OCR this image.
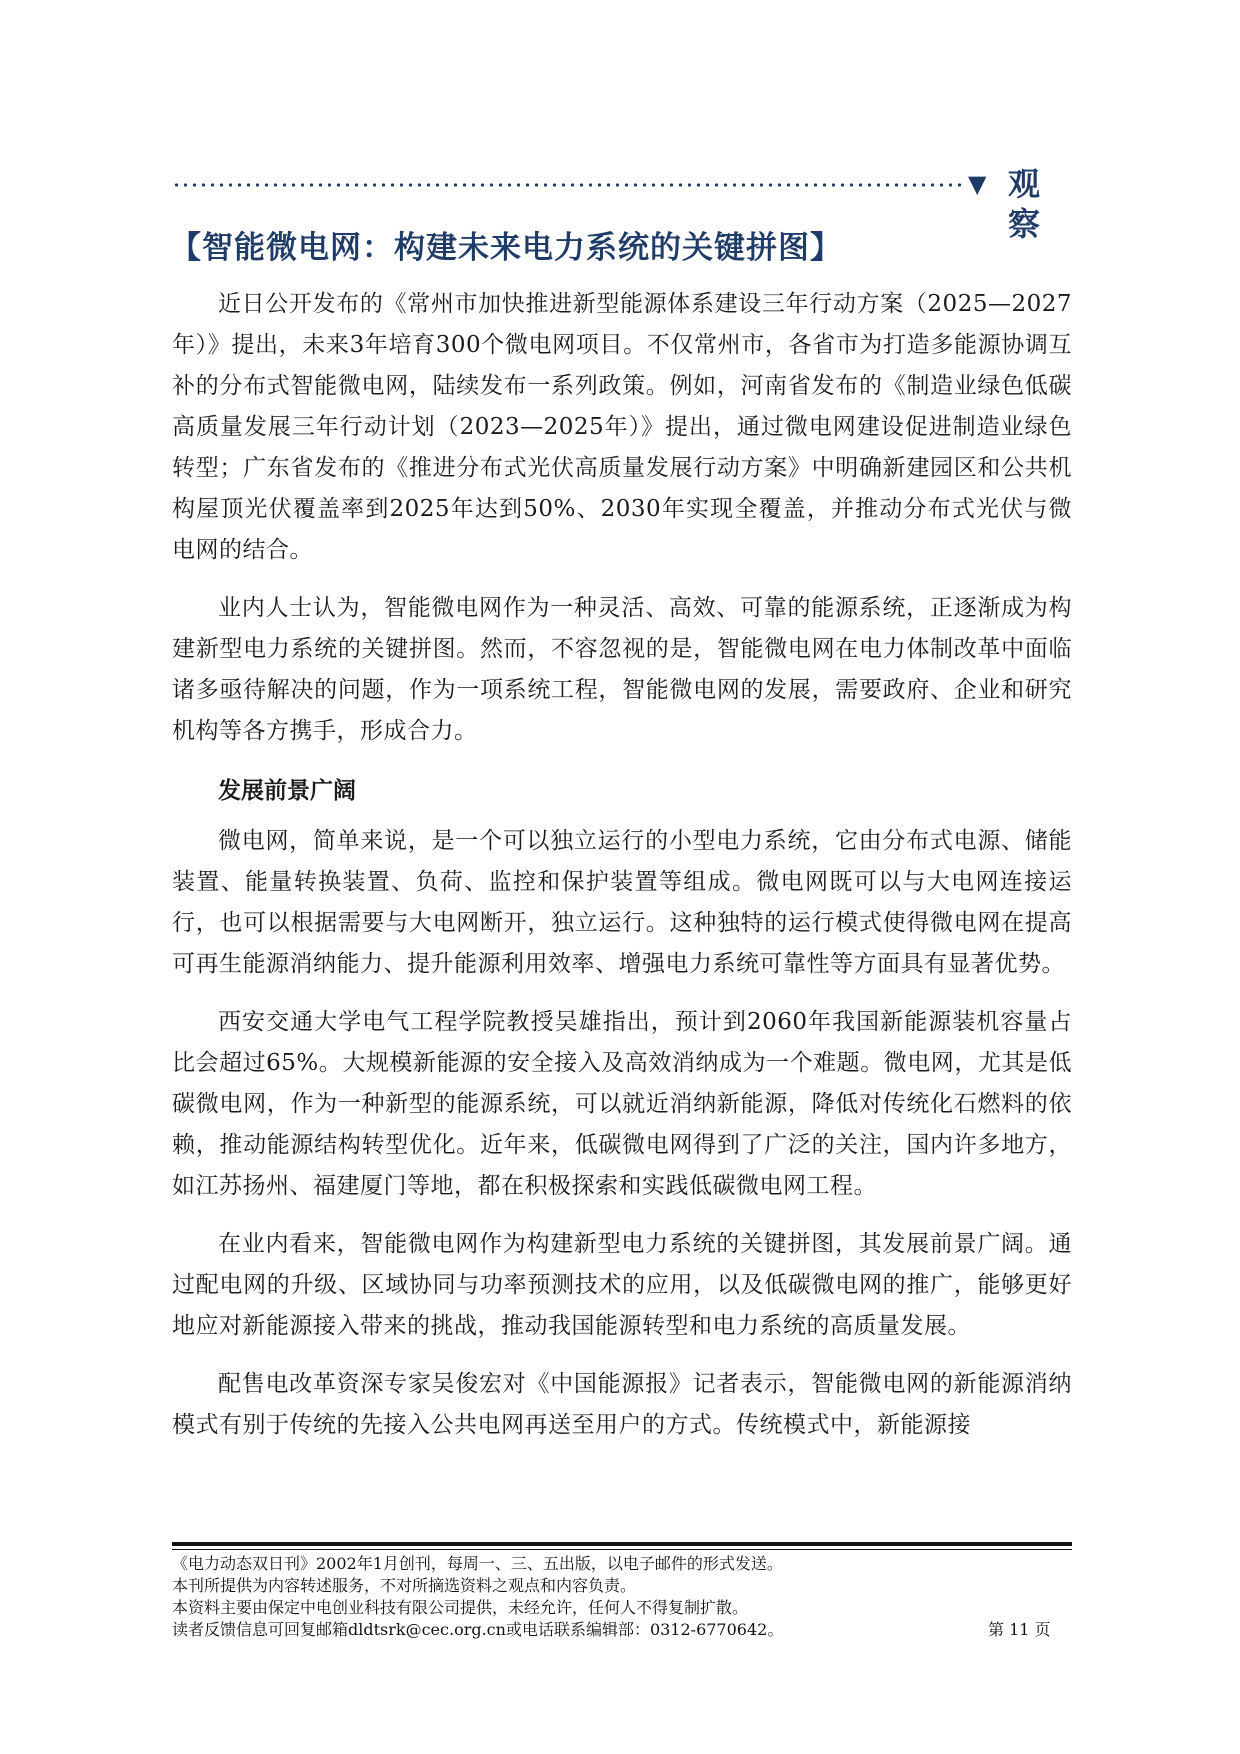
▼ 观察
【智能微电网：构建未来电力系统的关键拼图】

近日公开发布的《常州市加快推进新型能源体系建设三年行动方案（2025—2027年）》提出，未来3年培育300个微电网项目。不仅常州市，各省市为打造多能源协调互补的分布式智能微电网，陆续发布一系列政策。例如，河南省发布的《制造业绿色低碳高质量发展三年行动计划（2023—2025年）》提出，通过微电网建设促进制造业绿色转型；广东省发布的《推进分布式光伏高质量发展行动方案》中明确新建园区和公共机构屋顶光伏覆盖率到2025年达到50%、2030年实现全覆盖，并推动分布式光伏与微电网的结合。

业内人士认为，智能微电网作为一种灵活、高效、可靠的能源系统，正逐渐成为构建新型电力系统的关键拼图。然而，不容忽视的是，智能微电网在电力体制改革中面临诸多亟待解决的问题，作为一项系统工程，智能微电网的发展，需要政府、企业和研究机构等各方携手，形成合力。

发展前景广阔

微电网，简单来说，是一个可以独立运行的小型电力系统，它由分布式电源、储能装置、能量转换装置、负荷、监控和保护装置等组成。微电网既可以与大电网连接运行，也可以根据需要与大电网断开，独立运行。这种独特的运行模式使得微电网在提高可再生能源消纳能力、提升能源利用效率、增强电力系统可靠性等方面具有显著优势。

西安交通大学电气工程学院教授吴雄指出，预计到2060年我国新能源装机容量占比会超过65%。大规模新能源的安全接入及高效消纳成为一个难题。微电网，尤其是低碳微电网，作为一种新型的能源系统，可以就近消纳新能源，降低对传统化石燃料的依赖，推动能源结构转型优化。近年来，低碳微电网得到了广泛的关注，国内许多地方，如江苏扬州、福建厦门等地，都在积极探索和实践低碳微电网工程。

在业内看来，智能微电网作为构建新型电力系统的关键拼图，其发展前景广阔。通过配电网的升级、区域协同与功率预测技术的应用，以及低碳微电网的推广，能够更好地应对新能源接入带来的挑战，推动我国能源转型和电力系统的高质量发展。

配售电改革资深专家吴俊宏对《中国能源报》记者表示，智能微电网的新能源消纳模式有别于传统的先接入公共电网再送至用户的方式。传统模式中，新能源接

《电力动态双日刊》2002年1月创刊，每周一、三、五出版，以电子邮件的形式发送。

本刊所提供为内容转述服务，不对所摘选资料之观点和内容负责。

本资料主要由保定中电创业科技有限公司提供，未经允许，任何人不得复制扩散。

读者反馈信息可回复邮箱dldtsrk@cec.org.cn或电话联系编辑部：0312-6770642。	第 11 页
